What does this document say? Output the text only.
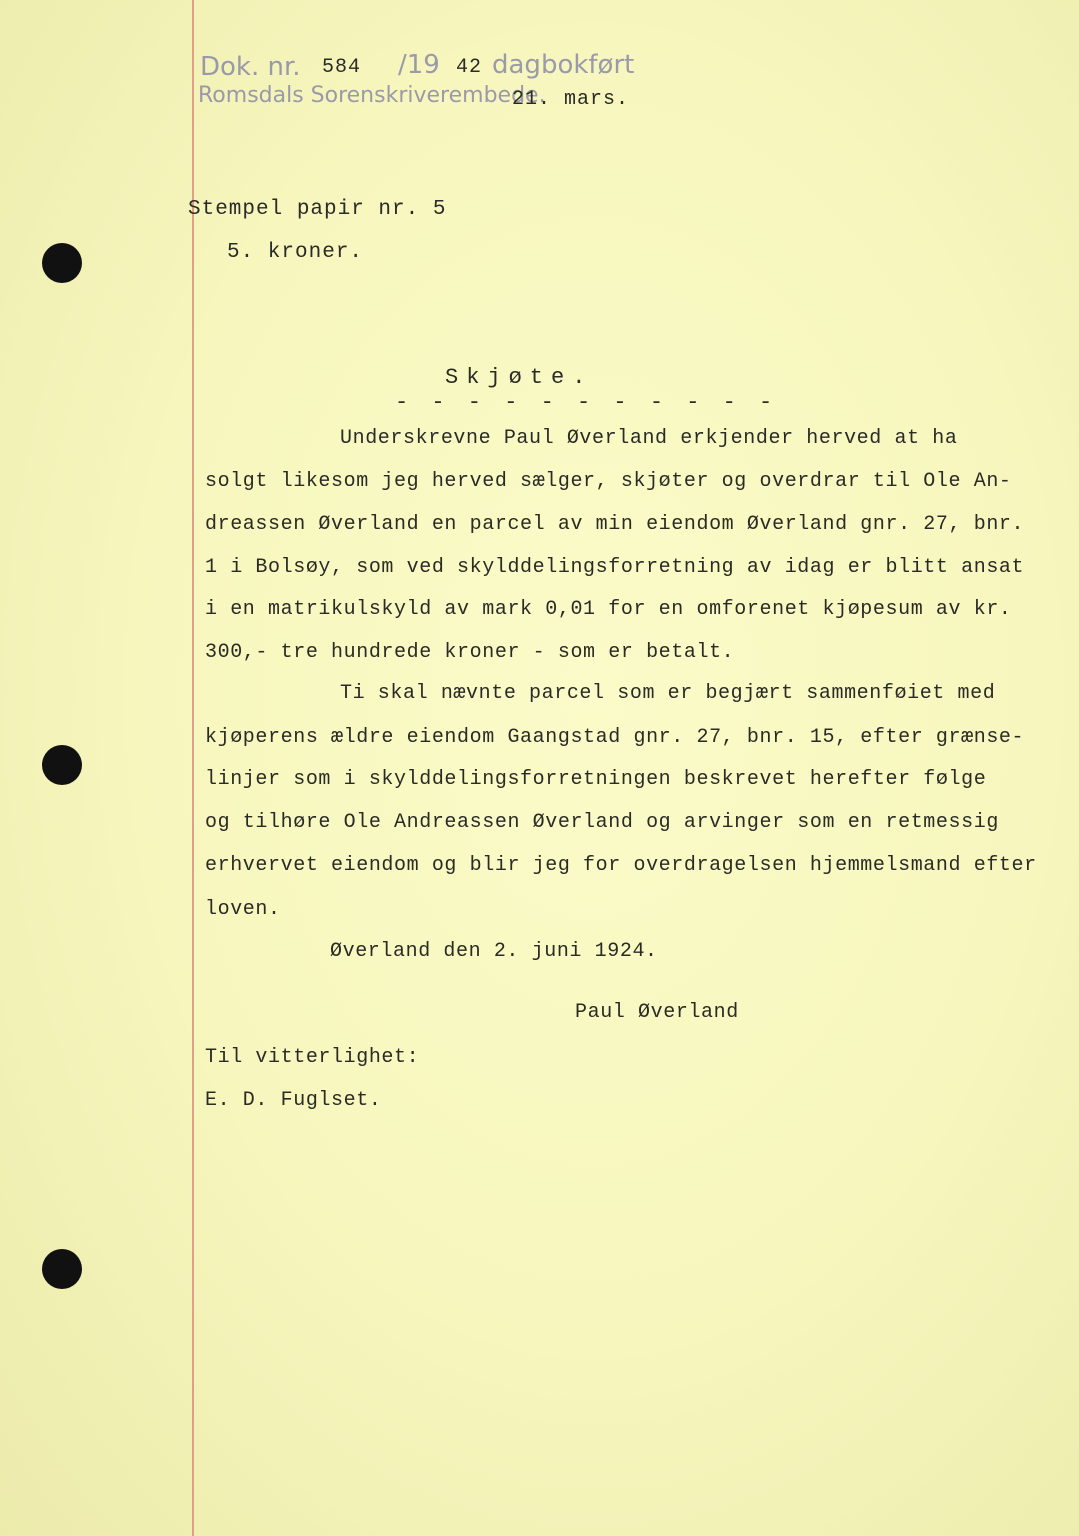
Dok. nr. 584 /19 42 dagbokført
Romsdals Sorenskriverembede.
21. mars.
Stempel papir nr. 5
5. kroner.
Skjøte.
- - - - - - - - - - -
Underskrevne Paul Øverland erkjender herved at ha
solgt likesom jeg herved sælger, skjøter og overdrar til Ole An-
dreassen Øverland en parcel av min eiendom Øverland gnr. 27, bnr.
1 i Bolsøy, som ved skylddelingsforretning av idag er blitt ansat
i en matrikulskyld av mark 0,01 for en omforenet kjøpesum av kr.
300,- tre hundrede kroner - som er betalt.
Ti skal nævnte parcel som er begjært sammenføiet med
kjøperens ældre eiendom Gaangstad gnr. 27, bnr. 15, efter grænse-
linjer som i skylddelingsforretningen beskrevet herefter følge
og tilhøre Ole Andreassen Øverland og arvinger som en retmessig
erhvervet eiendom og blir jeg for overdragelsen hjemmelsmand efter
loven.
Øverland den 2. juni 1924.
Paul Øverland
Til vitterlighet:
E. D. Fuglset.
